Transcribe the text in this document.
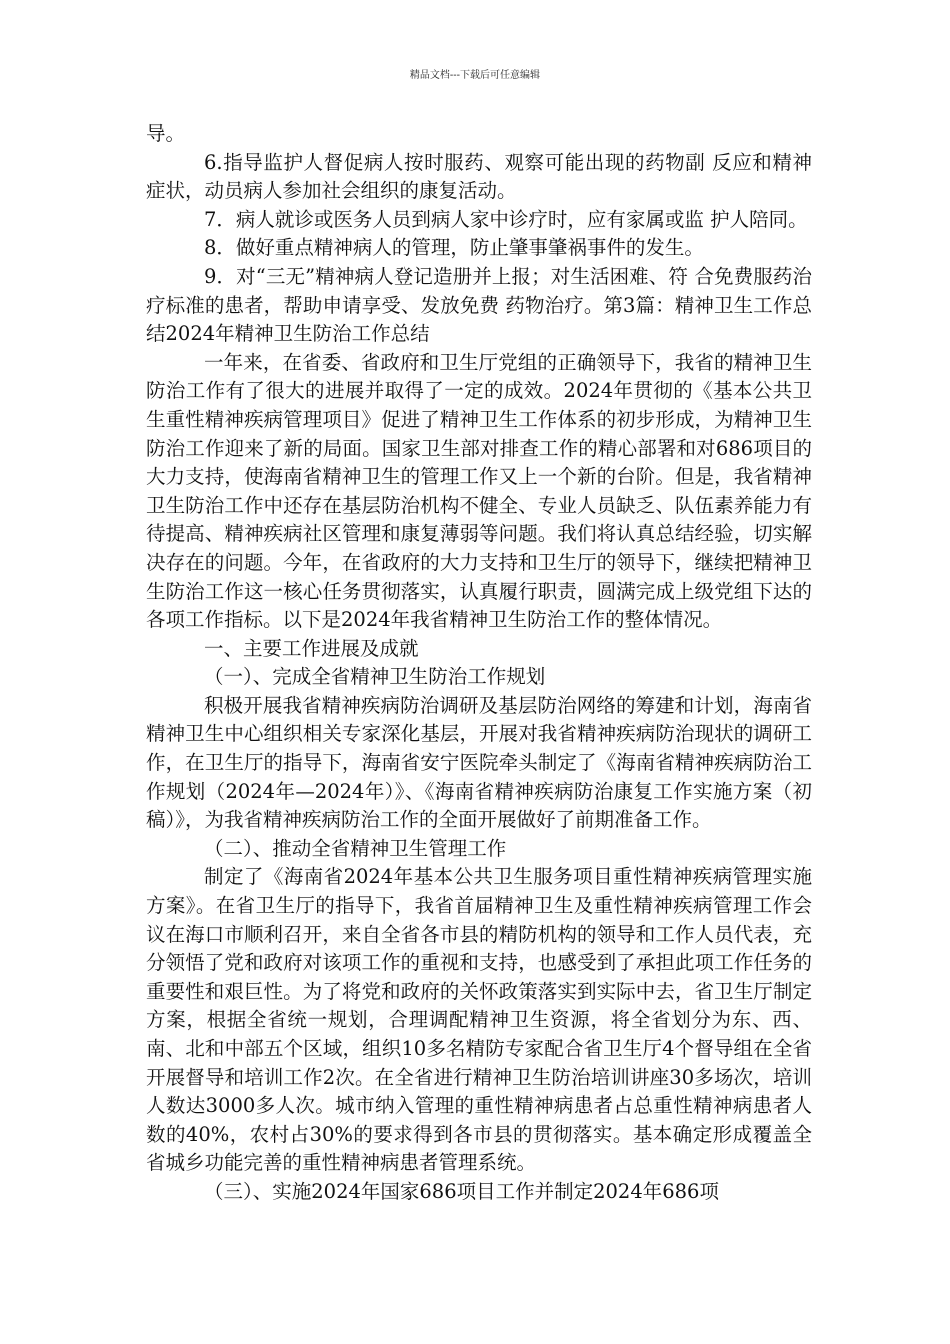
精品文档---下载后可任意编辑

导。

6.指导监护人督促病人按时服药、观察可能出现的药物副 反应和精神症状，动员病人参加社会组织的康复活动。

7．病人就诊或医务人员到病人家中诊疗时，应有家属或监 护人陪同。

8．做好重点精神病人的管理，防止肇事肇祸事件的发生。

9．对“三无”精神病人登记造册并上报；对生活困难、符 合免费服药治疗标准的患者，帮助申请享受、发放免费 药物治疗。第3篇：精神卫生工作总结2024年精神卫生防治工作总结

一年来，在省委、省政府和卫生厅党组的正确领导下，我省的精神卫生防治工作有了很大的进展并取得了一定的成效。2024年贯彻的《基本公共卫生重性精神疾病管理项目》促进了精神卫生工作体系的初步形成，为精神卫生防治工作迎来了新的局面。国家卫生部对排查工作的精心部署和对686项目的大力支持，使海南省精神卫生的管理工作又上一个新的台阶。但是，我省精神卫生防治工作中还存在基层防治机构不健全、专业人员缺乏、队伍素养能力有待提高、精神疾病社区管理和康复薄弱等问题。我们将认真总结经验，切实解决存在的问题。今年，在省政府的大力支持和卫生厅的领导下，继续把精神卫生防治工作这一核心任务贯彻落实，认真履行职责，圆满完成上级党组下达的各项工作指标。以下是2024年我省精神卫生防治工作的整体情况。

一、主要工作进展及成就

（一）、完成全省精神卫生防治工作规划

积极开展我省精神疾病防治调研及基层防治网络的筹建和计划，海南省精神卫生中心组织相关专家深化基层，开展对我省精神疾病防治现状的调研工作，在卫生厅的指导下，海南省安宁医院牵头制定了《海南省精神疾病防治工作规划（2024年—2024年）》、《海南省精神疾病防治康复工作实施方案（初稿）》，为我省精神疾病防治工作的全面开展做好了前期准备工作。

（二）、推动全省精神卫生管理工作

制定了《海南省2024年基本公共卫生服务项目重性精神疾病管理实施方案》。在省卫生厅的指导下，我省首届精神卫生及重性精神疾病管理工作会议在海口市顺利召开，来自全省各市县的精防机构的领导和工作人员代表，充分领悟了党和政府对该项工作的重视和支持，也感受到了承担此项工作任务的重要性和艰巨性。为了将党和政府的关怀政策落实到实际中去，省卫生厅制定方案，根据全省统一规划，合理调配精神卫生资源，将全省划分为东、西、南、北和中部五个区域，组织10多名精防专家配合省卫生厅4个督导组在全省开展督导和培训工作2次。在全省进行精神卫生防治培训讲座30多场次，培训人数达3000多人次。城市纳入管理的重性精神病患者占总重性精神病患者人数的40%，农村占30%的要求得到各市县的贯彻落实。基本确定形成覆盖全省城乡功能完善的重性精神病患者管理系统。

（三）、实施2024年国家686项目工作并制定2024年686项
